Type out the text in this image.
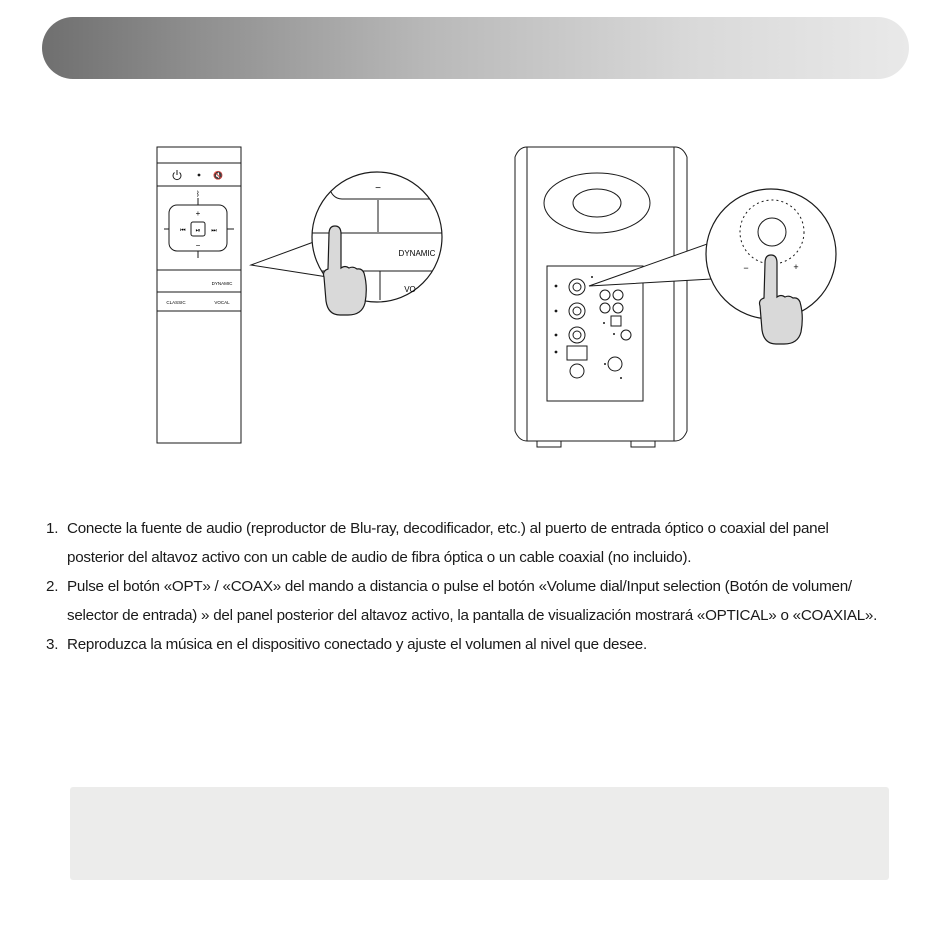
🔇
ᛒ
+
−
⏮	⏭
⏯
DYNAMIC
CLASSIC	VOCAL
−
DYNAMIC
VO
−	+
1. Conecte la fuente de audio (reproductor de Blu-ray, decodificador, etc.) al puerto de entrada óptico o coaxial del panel
posterior del altavoz activo con un cable de audio de fibra óptica o un cable coaxial (no incluido).
2. Pulse el botón «OPT» / «COAX» del mando a distancia o pulse el botón «Volume dial/Input selection (Botón de volumen/
selector de entrada) » del panel posterior del altavoz activo, la pantalla de visualización mostrará «OPTICAL» o «COAXIAL».
3. Reproduzca la música en el dispositivo conectado y ajuste el volumen al nivel que desee.
